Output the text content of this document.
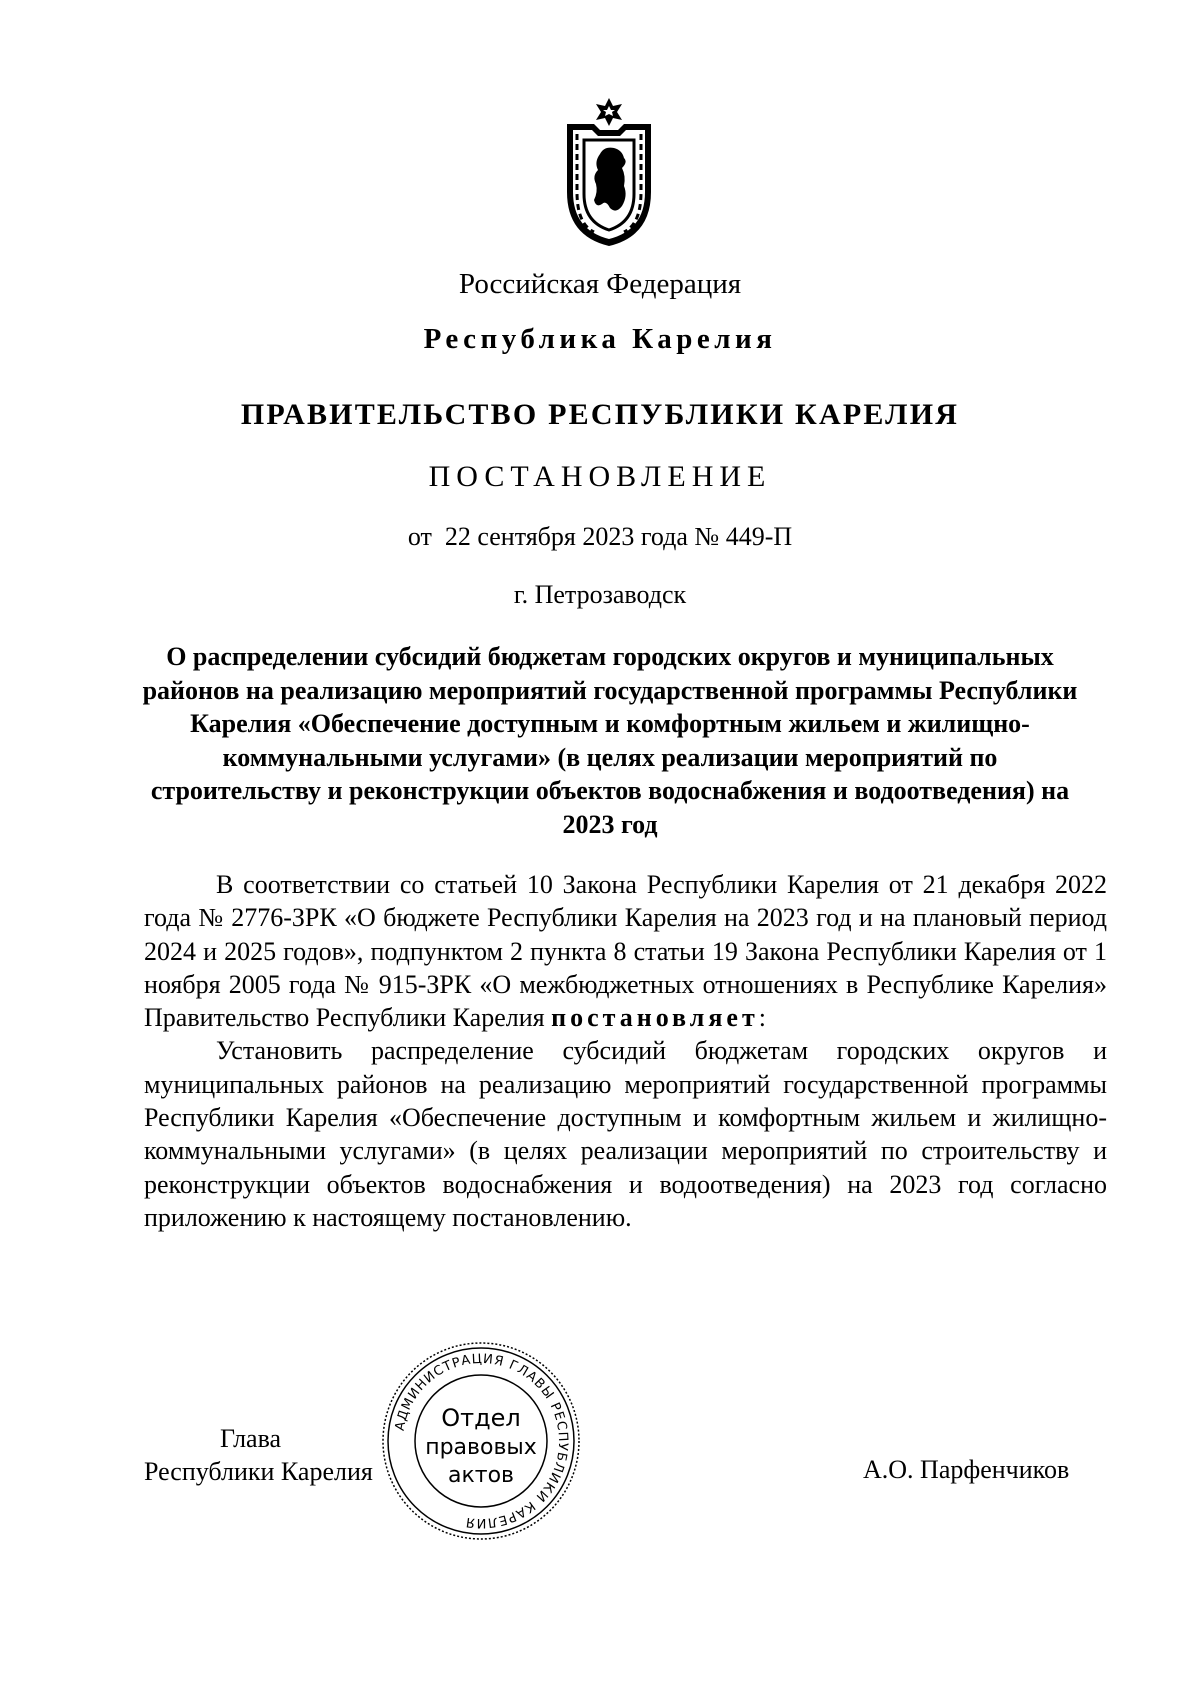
Российская Федерация
Республика Карелия
ПРАВИТЕЛЬСТВО РЕСПУБЛИКИ КАРЕЛИЯ
ПОСТАНОВЛЕНИЕ
от  22 сентября 2023 года № 449-П
г. Петрозаводск
О распределении субсидий бюджетам городских округов и муниципальных районов на реализацию мероприятий государственной программы Республики Карелия «Обеспечение доступным и комфортным жильем и жилищно-коммунальными услугами» (в целях реализации мероприятий по строительству и реконструкции объектов водоснабжения и водоотведения) на 2023 год

В соответствии со статьей 10 Закона Республики Карелия от 21 декабря 2022 года № 2776-ЗРК «О бюджете Республики Карелия на 2023 год и на плановый период 2024 и 2025 годов», подпунктом 2 пункта 8 статьи 19 Закона Республики Карелия от 1 ноября 2005 года № 915-ЗРК «О межбюджетных отношениях в Республике Карелия» Правительство Республики Карелия постановляет:

Установить распределение субсидий бюджетам городских округов и муниципальных районов на реализацию мероприятий государственной программы Республики Карелия «Обеспечение доступным и комфортным жильем и жилищно-коммунальными услугами» (в целях реализации мероприятий по строительству и реконструкции объектов водоснабжения и водоотведения) на 2023 год согласно приложению к настоящему постановлению.

Глава
Республики Карелия
АДМИНИСТРАЦИЯ ГЛАВЫ РЕСПУБЛИКИ КАРЕЛИЯ
Отдел
правовых
актов	А.О. Парфенчиков
